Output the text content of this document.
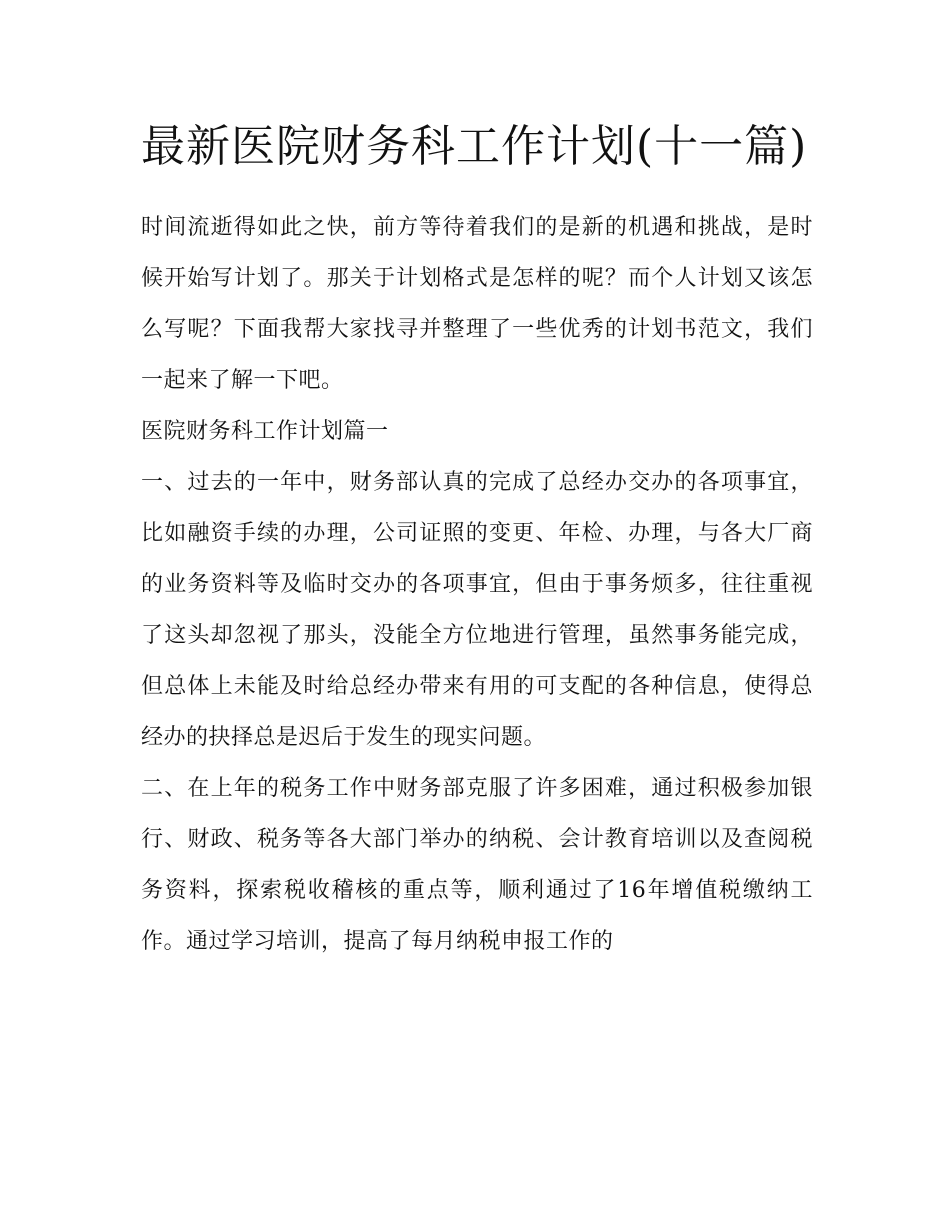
最新医院财务科工作计划(十一篇)

时间流逝得如此之快，前方等待着我们的是新的机遇和挑战，是时候开始写计划了。那关于计划格式是怎样的呢？而个人计划又该怎么写呢？下面我帮大家找寻并整理了一些优秀的计划书范文，我们一起来了解一下吧。

医院财务科工作计划篇一

一、过去的一年中，财务部认真的完成了总经办交办的各项事宜，比如融资手续的办理，公司证照的变更、年检、办理，与各大厂商的业务资料等及临时交办的各项事宜，但由于事务烦多，往往重视了这头却忽视了那头，没能全方位地进行管理，虽然事务能完成，但总体上未能及时给总经办带来有用的可支配的各种信息，使得总经办的抉择总是迟后于发生的现实问题。

二、在上年的税务工作中财务部克服了许多困难，通过积极参加银行、财政、税务等各大部门举办的纳税、会计教育培训以及查阅税务资料，探索税收稽核的重点等，顺利通过了16年增值税缴纳工作。通过学习培训，提高了每月纳税申报工作的
